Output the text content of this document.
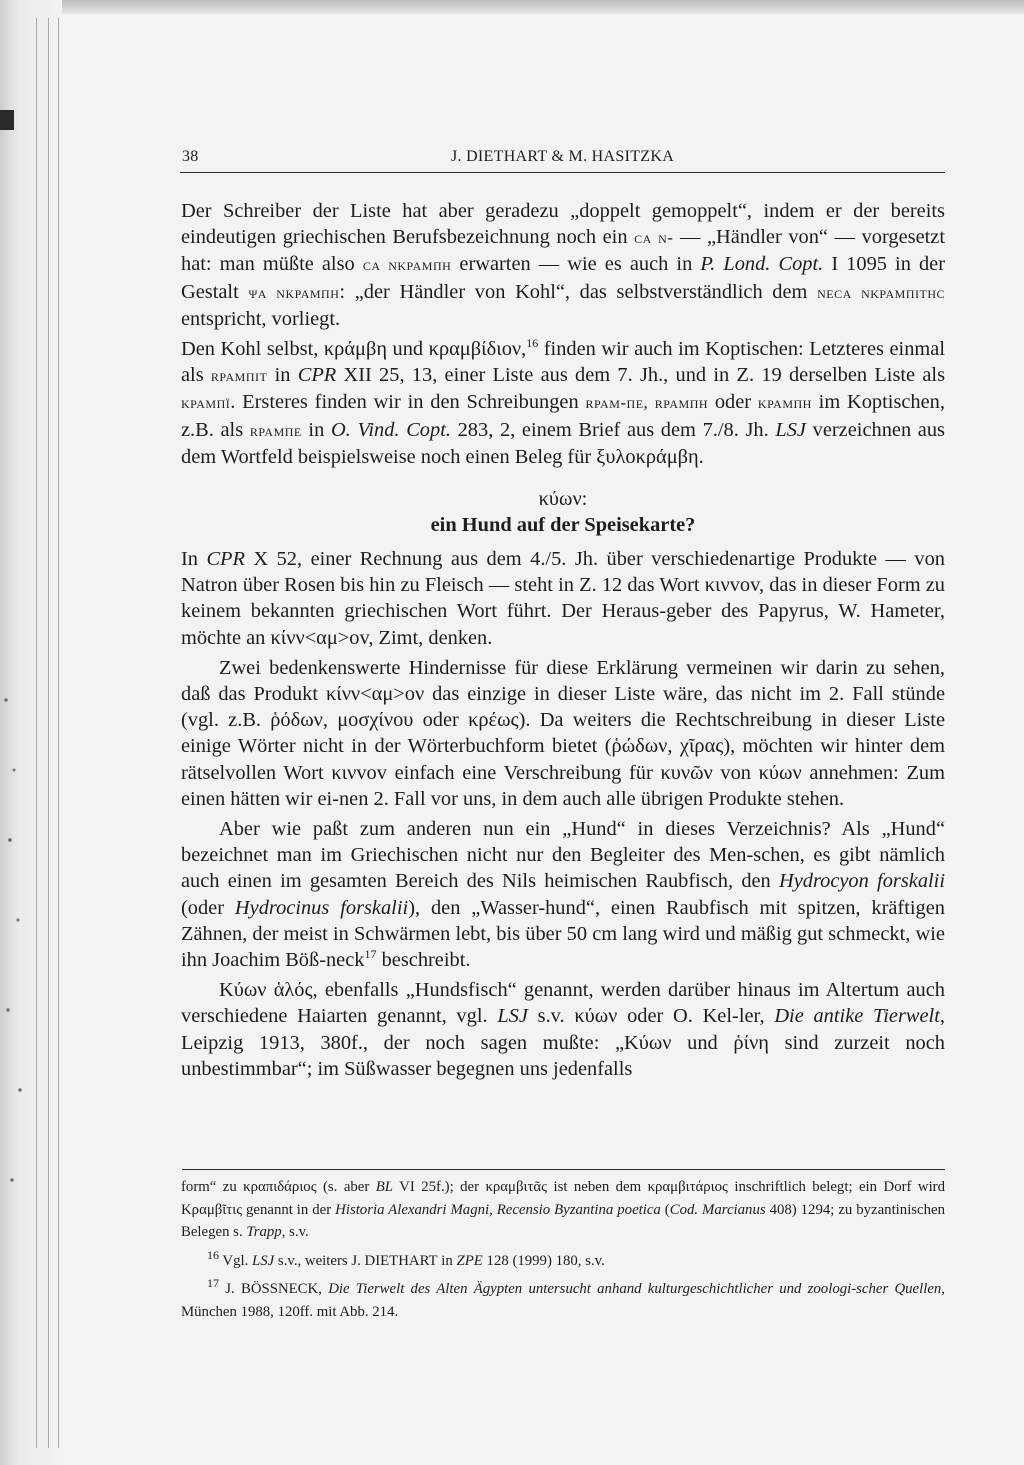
38	J. DIETHART & M. HASITZKA

Der Schreiber der Liste hat aber geradezu „doppelt gemoppelt“, indem er der bereits eindeutigen griechischen Berufsbezeichnung noch ein ca n- — „Händler von“ — vorgesetzt hat: man müßte also ca nkpamπh erwarten — wie es auch in P. Lond. Copt. I 1095 in der Gestalt ψa nkpamπh: „der Händler von Kohl“, das selbstverständlich dem neca nkpamπithc entspricht, vorliegt.

Den Kohl selbst, κράμβη und κραμβίδιον,$^{16}$ finden wir auch im Koptischen: Letzteres einmal als rpamπit in CPR XII 25, 13, einer Liste aus dem 7. Jh., und in Z. 19 derselben Liste als kpamπï. Ersteres finden wir in den Schreibungen rpam-πe, rpamπh oder kpamπh im Koptischen, z.B. als rpamπe in O. Vind. Copt. 283, 2, einem Brief aus dem 7./8. Jh. LSJ verzeichnen aus dem Wortfeld beispielsweise noch einen Beleg für ξυλοκράμβη.

κύων:
ein Hund auf der Speisekarte?

In CPR X 52, einer Rechnung aus dem 4./5. Jh. über verschiedenartige Produkte — von Natron über Rosen bis hin zu Fleisch — steht in Z. 12 das Wort κινvov, das in dieser Form zu keinem bekannten griechischen Wort führt. Der Heraus-geber des Papyrus, W. Hameter, möchte an κίνν<αμ>ov, Zimt, denken.

Zwei bedenkenswerte Hindernisse für diese Erklärung vermeinen wir darin zu sehen, daß das Produkt κίνν<αμ>ον das einzige in dieser Liste wäre, das nicht im 2. Fall stünde (vgl. z.B. ῥόδων, μοσχίνου oder κρέως). Da weiters die Rechtschreibung in dieser Liste einige Wörter nicht in der Wörterbuchform bietet (ῥώδων, χῖρας), möchten wir hinter dem rätselvollen Wort κινvov einfach eine Verschreibung für κυνῶν von κύων annehmen: Zum einen hätten wir ei-nen 2. Fall vor uns, in dem auch alle übrigen Produkte stehen.

Aber wie paßt zum anderen nun ein „Hund“ in dieses Verzeichnis? Als „Hund“ bezeichnet man im Griechischen nicht nur den Begleiter des Men-schen, es gibt nämlich auch einen im gesamten Bereich des Nils heimischen Raubfisch, den Hydrocyon forskalii (oder Hydrocinus forskalii), den „Wasser-hund“, einen Raubfisch mit spitzen, kräftigen Zähnen, der meist in Schwärmen lebt, bis über 50 cm lang wird und mäßig gut schmeckt, wie ihn Joachim Böß-neck$^{17}$ beschreibt.

Κύων ἁλός, ebenfalls „Hundsfisch“ genannt, werden darüber hinaus im Altertum auch verschiedene Haiarten genannt, vgl. LSJ s.v. κύων oder O. Kel-ler, Die antike Tierwelt, Leipzig 1913, 380f., der noch sagen mußte: „Κύων und ῥίνη sind zurzeit noch unbestimmbar“; im Süßwasser begegnen uns jedenfalls

form“ zu κραπιδάριος (s. aber BL VI 25f.); der κραμβιτᾶς ist neben dem κραμβιτάριος inschriftlich belegt; ein Dorf wird Κραμβῖτις genannt in der Historia Alexandri Magni, Recensio Byzantina poetica (Cod. Marcianus 408) 1294; zu byzantinischen Belegen s. Trapp, s.v.

$^{16}$ Vgl. LSJ s.v., weiters J. DIETHART in ZPE 128 (1999) 180, s.v.

$^{17}$ J. BÖSSNECK, Die Tierwelt des Alten Ägypten untersucht anhand kulturgeschichtlicher und zoologi-scher Quellen, München 1988, 120ff. mit Abb. 214.
